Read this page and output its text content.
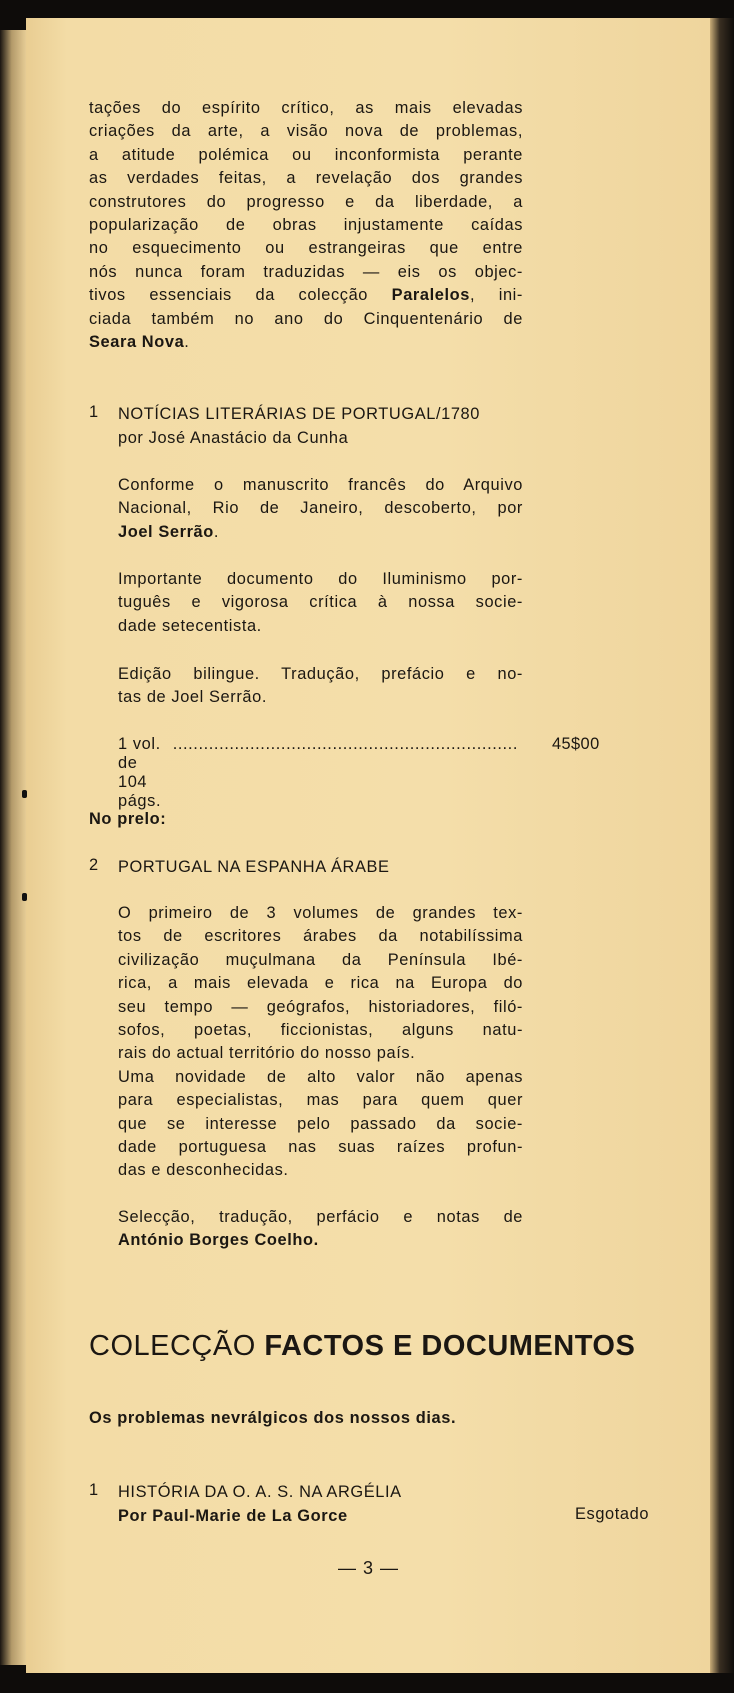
tações do espírito crítico, as mais elevadas
criações da arte, a visão nova de problemas,
a atitude polémica ou inconformista perante
as verdades feitas, a revelação dos grandes
construtores do progresso e da liberdade, a
popularização de obras injustamente caídas
no esquecimento ou estrangeiras que entre
nós nunca foram traduzidas — eis os objec-
tivos essenciais da colecção Paralelos, ini-
ciada também no ano do Cinquentenário de
Seara Nova.
1 NOTÍCIAS LITERÁRIAS DE PORTUGAL/1780
por José Anastácio da Cunha
Conforme o manuscrito francês do Arquivo
Nacional, Rio de Janeiro, descoberto, por
Joel Serrão.
Importante documento do Iluminismo por-
tuguês e vigorosa crítica à nossa socie-
dade setecentista.
Edição bilingue. Tradução, prefácio e no-
tas de Joel Serrão.
1 vol. de 104 págs.
................................................................... 45$00
No prelo:
2 PORTUGAL NA ESPANHA ÁRABE
O primeiro de 3 volumes de grandes tex-
tos de escritores árabes da notabilíssima
civilização muçulmana da Península Ibé-
rica, a mais elevada e rica na Europa do
seu tempo — geógrafos, historiadores, filó-
sofos, poetas, ficcionistas, alguns natu-
rais do actual território do nosso país.
Uma novidade de alto valor não apenas
para especialistas, mas para quem quer
que se interesse pelo passado da socie-
dade portuguesa nas suas raízes profun-
das e desconhecidas.
Selecção, tradução, perfácio e notas de
António Borges Coelho.
COLECÇÃO FACTOS E DOCUMENTOS
Os problemas nevrálgicos dos nossos dias.
1 HISTÓRIA DA O. A. S. NA ARGÉLIA
Por Paul-Marie de La Gorce	Esgotado
— 3 —
